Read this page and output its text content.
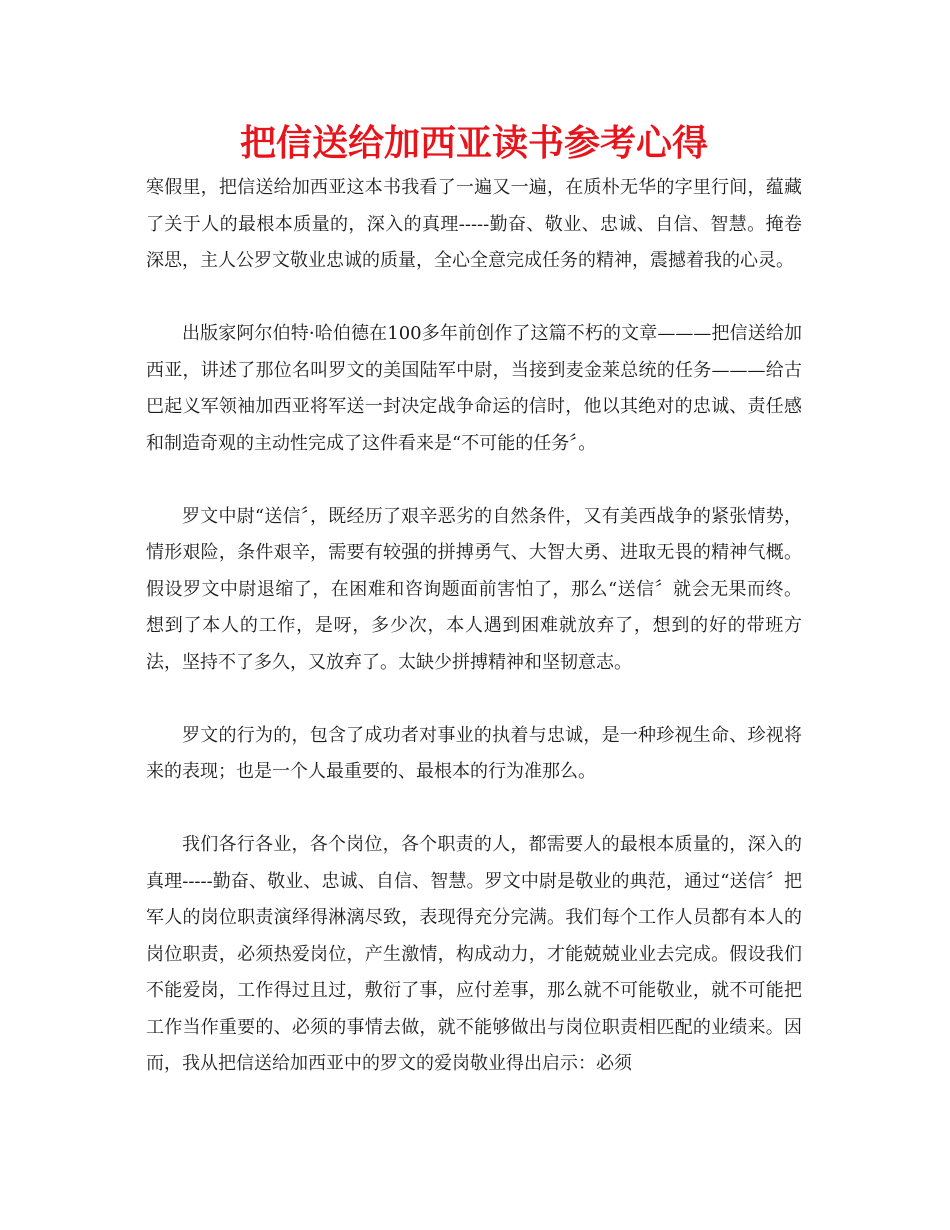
把信送给加西亚读书参考心得

寒假里，把信送给加西亚这本书我看了一遍又一遍，在质朴无华的字里行间，蕴藏了关于人的最根本质量的，深入的真理-----勤奋、敬业、忠诚、自信、智慧。掩卷深思，主人公罗文敬业忠诚的质量，全心全意完成任务的精神，震撼着我的心灵。

出版家阿尔伯特·哈伯德在100多年前创作了这篇不朽的文章———把信送给加西亚，讲述了那位名叫罗文的美国陆军中尉，当接到麦金莱总统的任务———给古巴起义军领袖加西亚将军送一封决定战争命运的信时，他以其绝对的忠诚、责任感和制造奇观的主动性完成了这件看来是“不可能的任务〞。

罗文中尉“送信〞，既经历了艰辛恶劣的自然条件，又有美西战争的紧张情势，情形艰险，条件艰辛，需要有较强的拼搏勇气、大智大勇、进取无畏的精神气概。假设罗文中尉退缩了，在困难和咨询题面前害怕了，那么“送信〞就会无果而终。想到了本人的工作，是呀，多少次，本人遇到困难就放弃了，想到的好的带班方法，坚持不了多久，又放弃了。太缺少拼搏精神和坚韧意志。

罗文的行为的，包含了成功者对事业的执着与忠诚，是一种珍视生命、珍视将来的表现；也是一个人最重要的、最根本的行为准那么。

我们各行各业，各个岗位，各个职责的人，都需要人的最根本质量的，深入的真理-----勤奋、敬业、忠诚、自信、智慧。罗文中尉是敬业的典范，通过“送信〞把军人的岗位职责演绎得淋漓尽致，表现得充分完满。我们每个工作人员都有本人的岗位职责，必须热爱岗位，产生激情，构成动力，才能兢兢业业去完成。假设我们不能爱岗，工作得过且过，敷衍了事，应付差事，那么就不可能敬业，就不可能把工作当作重要的、必须的事情去做，就不能够做出与岗位职责相匹配的业绩来。因而，我从把信送给加西亚中的罗文的爱岗敬业得出启示：必须
